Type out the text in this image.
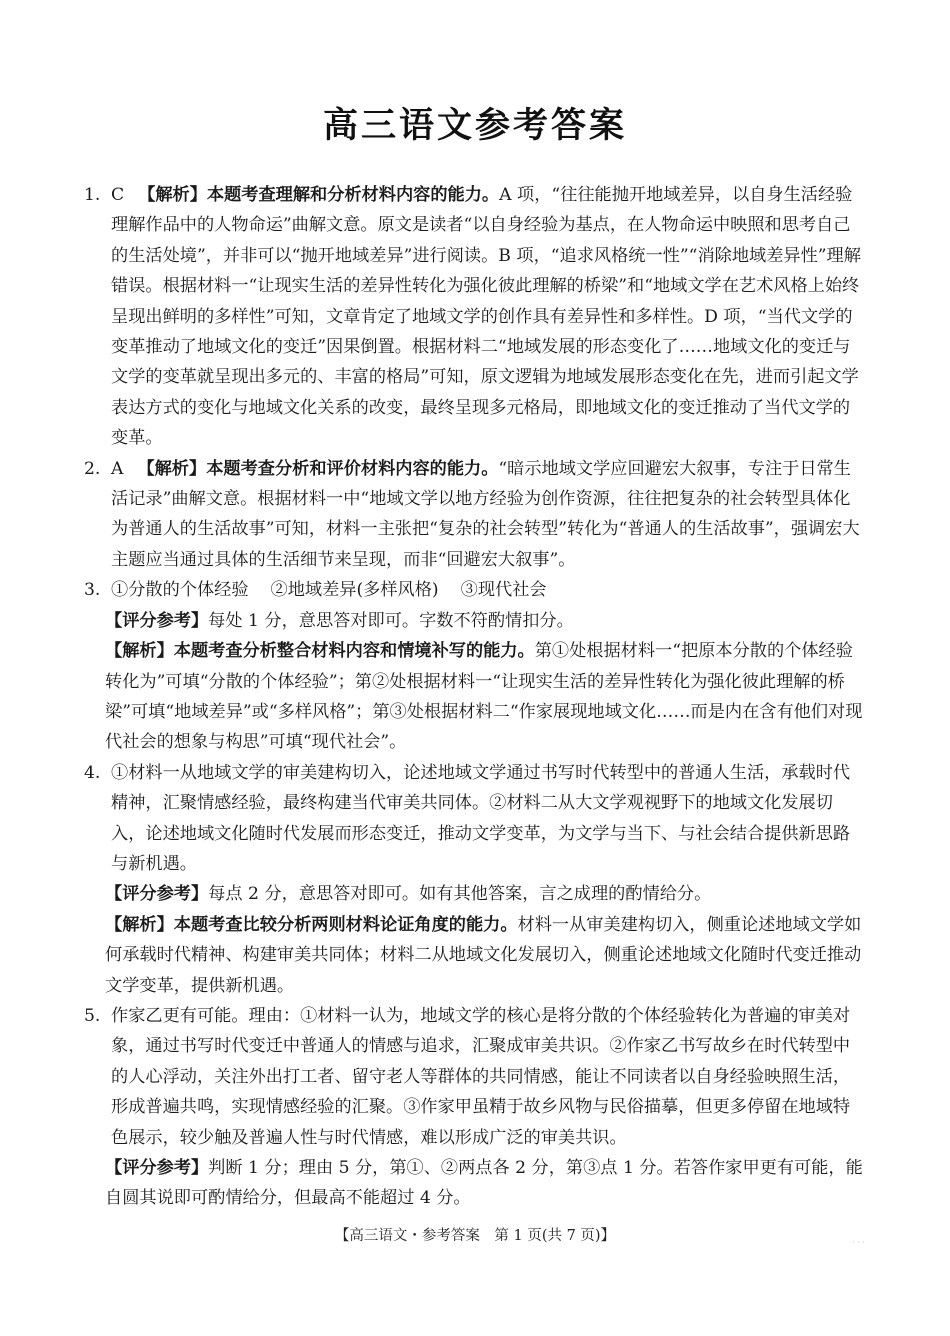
高三语文参考答案
1. C 【解析】本题考查理解和分析材料内容的能力。A 项，“往往能抛开地域差异，以自身生活经验理解作品中的人物命运”曲解文意。原文是读者“以自身经验为基点，在人物命运中映照和思考自己的生活处境”，并非可以“抛开地域差异”进行阅读。B 项，“追求风格统一性”“消除地域差异性”理解错误。根据材料一“让现实生活的差异性转化为强化彼此理解的桥梁”和“地域文学在艺术风格上始终呈现出鲜明的多样性”可知，文章肯定了地域文学的创作具有差异性和多样性。D 项，“当代文学的变革推动了地域文化的变迁”因果倒置。根据材料二“地域发展的形态变化了……地域文化的变迁与文学的变革就呈现出多元的、丰富的格局”可知，原文逻辑为地域发展形态变化在先，进而引起文学表达方式的变化与地域文化关系的改变，最终呈现多元格局，即地域文化的变迁推动了当代文学的变革。
2. A 【解析】本题考查分析和评价材料内容的能力。“暗示地域文学应回避宏大叙事，专注于日常生活记录”曲解文意。根据材料一中“地域文学以地方经验为创作资源，往往把复杂的社会转型具体化为普通人的生活故事”可知，材料一主张把“复杂的社会转型”转化为“普通人的生活故事”，强调宏大主题应当通过具体的生活细节来呈现，而非“回避宏大叙事”。
3. ①分散的个体经验 ②地域差异(多样风格) ③现代社会
【评分参考】每处 1 分，意思答对即可。字数不符酌情扣分。
【解析】本题考查分析整合材料内容和情境补写的能力。第①处根据材料一“把原本分散的个体经验转化为”可填“分散的个体经验”；第②处根据材料一“让现实生活的差异性转化为强化彼此理解的桥梁”可填“地域差异”或“多样风格”；第③处根据材料二“作家展现地域文化……而是内在含有他们对现代社会的想象与构思”可填“现代社会”。
4. ①材料一从地域文学的审美建构切入，论述地域文学通过书写时代转型中的普通人生活，承载时代精神，汇聚情感经验，最终构建当代审美共同体。②材料二从大文学观视野下的地域文化发展切入，论述地域文化随时代发展而形态变迁，推动文学变革，为文学与当下、与社会结合提供新思路与新机遇。
【评分参考】每点 2 分，意思答对即可。如有其他答案，言之成理的酌情给分。
【解析】本题考查比较分析两则材料论证角度的能力。材料一从审美建构切入，侧重论述地域文学如何承载时代精神、构建审美共同体；材料二从地域文化发展切入，侧重论述地域文化随时代变迁推动文学变革，提供新机遇。
5. 作家乙更有可能。理由：①材料一认为，地域文学的核心是将分散的个体经验转化为普遍的审美对象，通过书写时代变迁中普通人的情感与追求，汇聚成审美共识。②作家乙书写故乡在时代转型中的人心浮动，关注外出打工者、留守老人等群体的共同情感，能让不同读者以自身经验映照生活，形成普遍共鸣，实现情感经验的汇聚。③作家甲虽精于故乡风物与民俗描摹，但更多停留在地域特色展示，较少触及普遍人性与时代情感，难以形成广泛的审美共识。
【评分参考】判断 1 分；理由 5 分，第①、②两点各 2 分，第③点 1 分。若答作家甲更有可能，能自圆其说即可酌情给分，但最高不能超过 4 分。
【高三语文・参考答案　第 1 页(共 7 页)】	· · ·
